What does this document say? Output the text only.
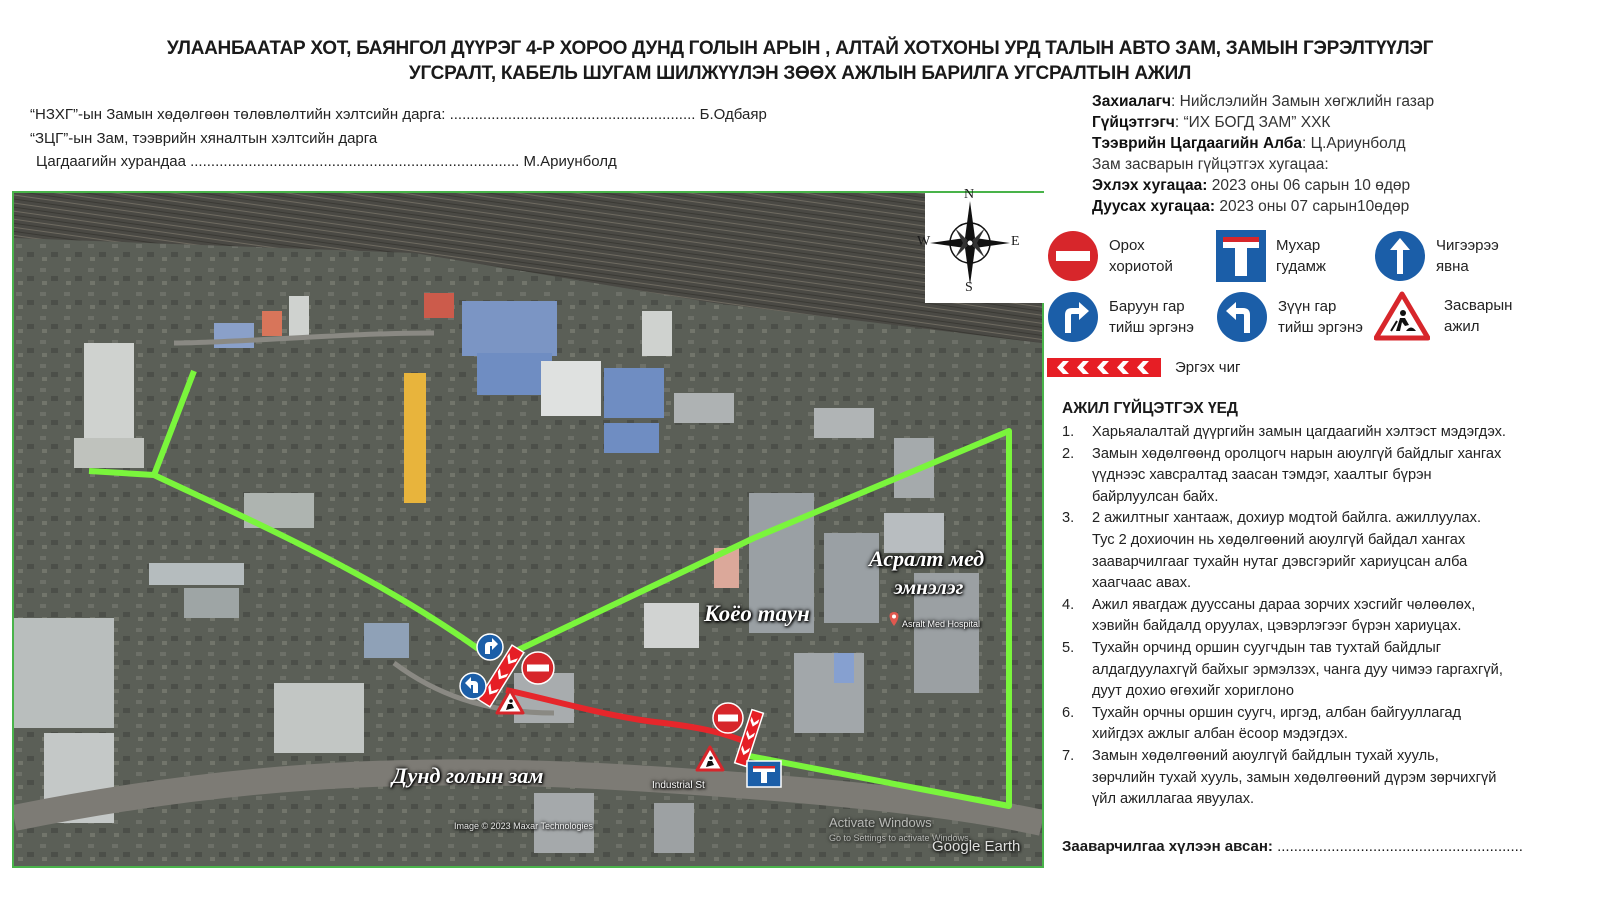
УЛААНБААТАР ХОТ, БАЯНГОЛ ДҮҮРЭГ 4-Р ХОРОО ДУНД ГОЛЫН АРЫН , АЛТАЙ ХОТХОНЫ УРД ТАЛЫН АВТО ЗАМ, ЗАМЫН ГЭРЭЛТҮҮЛЭГ
УГСРАЛТ, КАБЕЛЬ ШУГАМ ШИЛЖҮҮЛЭН ЗӨӨХ АЖЛЫН БАРИЛГА УГСРАЛТЫН АЖИЛ
“НЗХГ”-ын Замын хөдөлгөөн төлөвлөлтийн хэлтсийн дарга: ........................................................... Б.Одбаяр
“ЗЦГ”-ын Зам, тээврийн хяналтын хэлтсийн дарга
Цагдаагийн хурандаа ............................................................................... М.Ариунболд
Захиалагч: Нийслэлийн Замын хөгжлийн газар
Гүйцэтгэгч: “ИХ БОГД ЗАМ” ХХК
Тээврийн Цагдаагийн Алба: Ц.Ариунболд
Зам засварын гүйцэтгэх хугацаа:
Эхлэх хугацаа: 2023 оны 06 сарын 10 өдөр
Дуусах хугацаа: 2023 оны 07 сарын10өдөр
Орох
хориотой
Мухар
гудамж
Чигээрээ
явна
Баруун гар
тийш эргэнэ
Зүүн гар
тийш эргэнэ
Засварын
ажил
Эргэх чиг
АЖИЛ ГҮЙЦЭТГЭХ ҮЕД
1.	Харьяалалтай дүүргийн замын цагдаагийн хэлтэст мэдэгдэх.
2.	Замын хөдөлгөөнд оролцогч нарын аюулгүй байдлыг хангах
үүднээс хавсралтад заасан тэмдэг, хаалтыг бүрэн
байрлуулсан байх.
3.	2 ажилтныг хантааж, дохиур модтой байлга. ажиллуулах.
Тус 2 дохиочин нь хөдөлгөөний аюулгүй байдал хангах
зааварчилгааг тухайн нутаг дэвсгэрийг хариуцсан алба
хаагчаас авах.
4.	Ажил явагдаж дууссаны дараа зорчих хэсгийг чөлөөлөх,
хэвийн байдалд оруулах, цэвэрлэгээг бүрэн хариуцах.
5.	Тухайн орчинд оршин суугчдын тав тухтай байдлыг
алдагдуулахгүй байхыг эрмэлзэх, чанга дуу чимээ гаргахгүй,
дуут дохио өгөхийг хориглоно
6.	Тухайн орчны оршин суугч, иргэд, албан байгууллагад
хийгдэх ажлыг албан ёсоор мэдэгдэх.
7.	Замын хөдөлгөөний аюулгүй байдлын тухай хууль,
зөрчлийн тухай хууль, замын хөдөлгөөний дүрэм зөрчихгүй
үйл ажиллагаа явуулах.
Зааварчилгаа хүлээн авсан: ...........................................................
Асралт мед
эмнэлэг
Коёо таун
Дунд голын зам	Industrial St
Asralt Med Hospital
Image © 2023 Maxar Technologies	Activate Windows
Go to Settings to activate Windows.
Google Earth
N
S
W	E
